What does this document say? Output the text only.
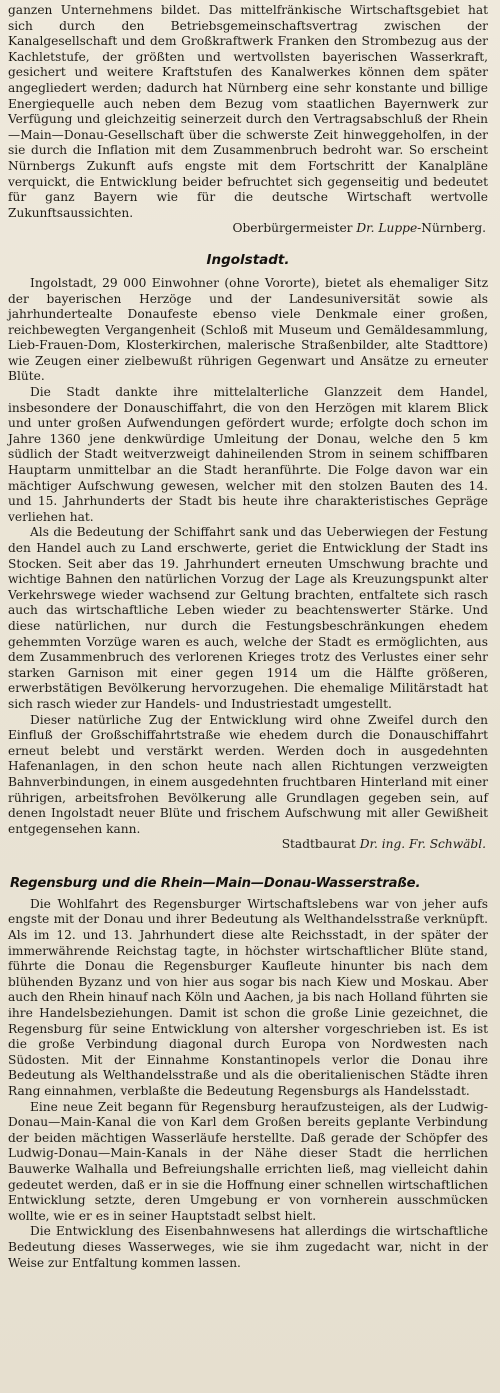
ganzen Unternehmens bildet. Das mittelfränkische Wirtschaftsgebiet hat sich durch den Betriebsgemeinschaftsvertrag zwischen der Kanalgesellschaft und dem Großkraftwerk Franken den Strombezug aus der Kachletstufe, der größten und wertvollsten bayerischen Wasserkraft, gesichert und weitere Kraftstufen des Kanalwerkes können dem später angegliedert werden; dadurch hat Nürnberg eine sehr konstante und billige Energiequelle auch neben dem Bezug vom staatlichen Bayernwerk zur Verfügung und gleichzeitig seinerzeit durch den Vertragsabschluß der Rhein—Main—Donau-Gesellschaft über die schwerste Zeit hinweggeholfen, in der sie durch die Inflation mit dem Zusammenbruch bedroht war. So erscheint Nürnbergs Zukunft aufs engste mit dem Fortschritt der Kanalpläne verquickt, die Entwicklung beider befruchtet sich gegenseitig und bedeutet für ganz Bayern wie für die deutsche Wirtschaft wertvolle Zukunftsaussichten.

Oberbürgermeister Dr. Luppe-Nürnberg.

Ingolstadt.

Ingolstadt, 29 000 Einwohner (ohne Vororte), bietet als ehemaliger Sitz der bayerischen Herzöge und der Landesuniversität sowie als jahrhundertealte Donaufeste ebenso viele Denkmale einer großen, reichbewegten Vergangenheit (Schloß mit Museum und Gemäldesammlung, Lieb-Frauen-Dom, Klosterkirchen, malerische Straßenbilder, alte Stadttore) wie Zeugen einer zielbewußt rührigen Gegenwart und Ansätze zu erneuter Blüte.

Die Stadt dankte ihre mittelalterliche Glanzzeit dem Handel, insbesondere der Donauschiffahrt, die von den Herzögen mit klarem Blick und unter großen Aufwendungen gefördert wurde; erfolgte doch schon im Jahre 1360 jene denkwürdige Umleitung der Donau, welche den 5 km südlich der Stadt weitverzweigt dahineilenden Strom in seinem schiffbaren Hauptarm unmittelbar an die Stadt heranführte. Die Folge davon war ein mächtiger Aufschwung gewesen, welcher mit den stolzen Bauten des 14. und 15. Jahrhunderts der Stadt bis heute ihre charakteristisches Gepräge verliehen hat.

Als die Bedeutung der Schiffahrt sank und das Ueberwiegen der Festung den Handel auch zu Land erschwerte, geriet die Entwicklung der Stadt ins Stocken. Seit aber das 19. Jahrhundert erneuten Umschwung brachte und wichtige Bahnen den natürlichen Vorzug der Lage als Kreuzungspunkt alter Verkehrswege wieder wachsend zur Geltung brachten, entfaltete sich rasch auch das wirtschaftliche Leben wieder zu beachtenswerter Stärke. Und diese natürlichen, nur durch die Festungsbeschränkungen ehedem gehemmten Vorzüge waren es auch, welche der Stadt es ermöglichten, aus dem Zusammenbruch des verlorenen Krieges trotz des Verlustes einer sehr starken Garnison mit einer gegen 1914 um die Hälfte größeren, erwerbstätigen Bevölkerung hervorzugehen. Die ehemalige Militärstadt hat sich rasch wieder zur Handels- und Industriestadt umgestellt.

Dieser natürliche Zug der Entwicklung wird ohne Zweifel durch den Einfluß der Großschiffahrtstraße wie ehedem durch die Donauschiffahrt erneut belebt und verstärkt werden. Werden doch in ausgedehnten Hafenanlagen, in den schon heute nach allen Richtungen verzweigten Bahnverbindungen, in einem ausgedehnten fruchtbaren Hinterland mit einer rührigen, arbeitsfrohen Bevölkerung alle Grundlagen gegeben sein, auf denen Ingolstadt neuer Blüte und frischem Aufschwung mit aller Gewißheit entgegensehen kann.

Stadtbaurat Dr. ing. Fr. Schwäbl.

Regensburg und die Rhein—Main—Donau-Wasserstraße.

Die Wohlfahrt des Regensburger Wirtschaftslebens war von jeher aufs engste mit der Donau und ihrer Bedeutung als Welthandelsstraße verknüpft. Als im 12. und 13. Jahrhundert diese alte Reichsstadt, in der später der immerwährende Reichstag tagte, in höchster wirtschaftlicher Blüte stand, führte die Donau die Regensburger Kaufleute hinunter bis nach dem blühenden Byzanz und von hier aus sogar bis nach Kiew und Moskau. Aber auch den Rhein hinauf nach Köln und Aachen, ja bis nach Holland führten sie ihre Handelsbeziehungen. Damit ist schon die große Linie gezeichnet, die Regensburg für seine Entwicklung von altersher vorgeschrieben ist. Es ist die große Verbindung diagonal durch Europa von Nordwesten nach Südosten. Mit der Einnahme Konstantinopels verlor die Donau ihre Bedeutung als Welthandelsstraße und als die oberitalienischen Städte ihren Rang einnahmen, verblaßte die Bedeutung Regensburgs als Handelsstadt.

Eine neue Zeit begann für Regensburg heraufzusteigen, als der Ludwig-Donau—Main-Kanal die von Karl dem Großen bereits geplante Verbindung der beiden mächtigen Wasserläufe herstellte. Daß gerade der Schöpfer des Ludwig-Donau—Main-Kanals in der Nähe dieser Stadt die herrlichen Bauwerke Walhalla und Befreiungshalle errichten ließ, mag vielleicht dahin gedeutet werden, daß er in sie die Hoffnung einer schnellen wirtschaftlichen Entwicklung setzte, deren Umgebung er von vornherein ausschmücken wollte, wie er es in seiner Hauptstadt selbst hielt.

Die Entwicklung des Eisenbahnwesens hat allerdings die wirtschaftliche Bedeutung dieses Wasserweges, wie sie ihm zugedacht war, nicht in der Weise zur Entfaltung kommen lassen.
